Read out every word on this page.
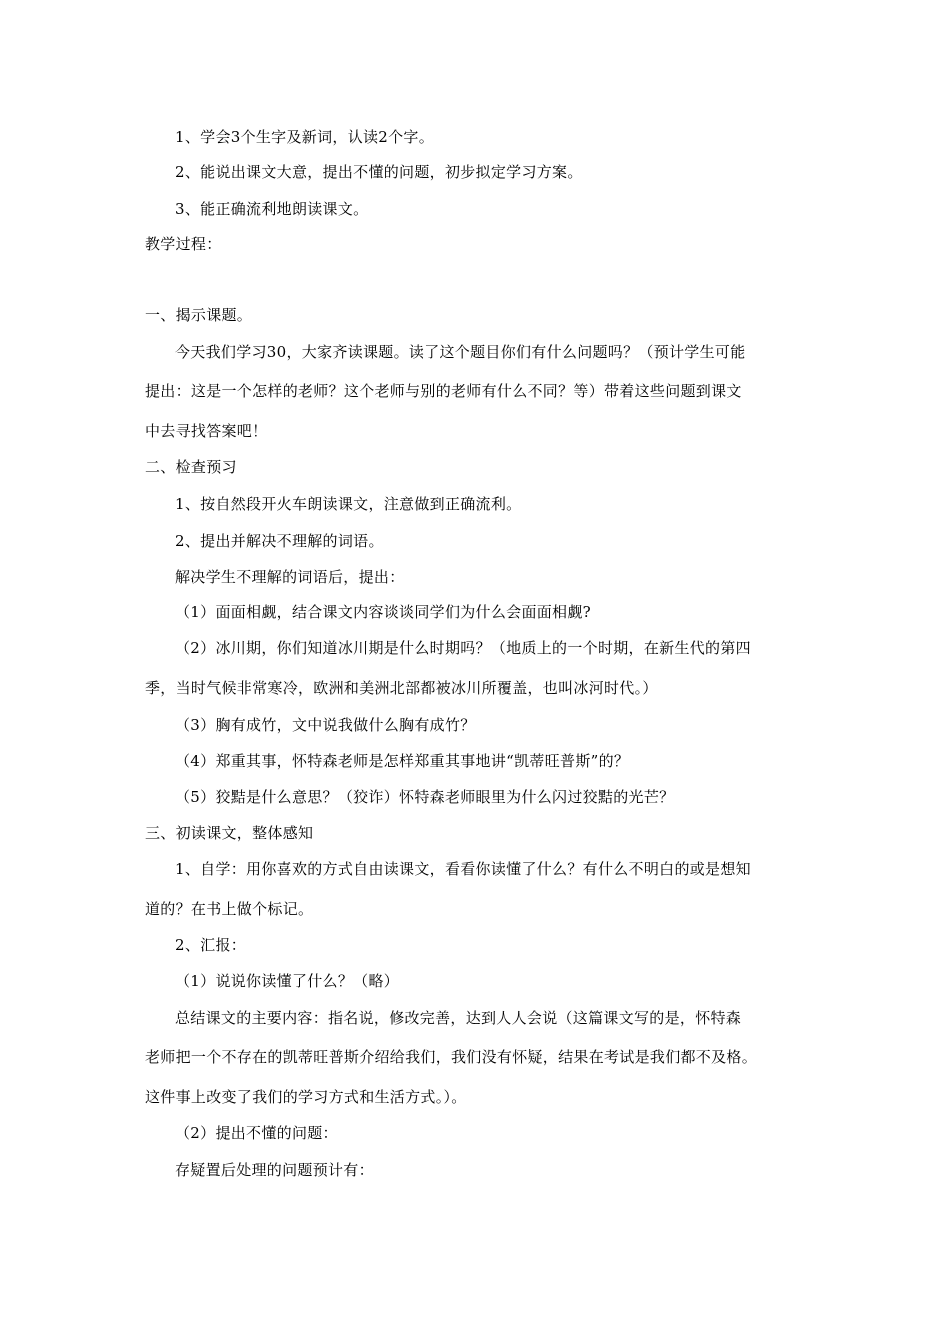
1、学会3个生字及新词，认读2个字。
2、能说出课文大意，提出不懂的问题，初步拟定学习方案。
3、能正确流利地朗读课文。
教学过程：
一、揭示课题。
今天我们学习30，大家齐读课题。读了这个题目你们有什么问题吗？（预计学生可能
提出：这是一个怎样的老师？这个老师与别的老师有什么不同？等）带着这些问题到课文
中去寻找答案吧！
二、检查预习
1、按自然段开火车朗读课文，注意做到正确流利。
2、提出并解决不理解的词语。
解决学生不理解的词语后，提出：
（1）面面相觑，结合课文内容谈谈同学们为什么会面面相觑?
（2）冰川期，你们知道冰川期是什么时期吗？（地质上的一个时期，在新生代的第四
季，当时气候非常寒冷，欧洲和美洲北部都被冰川所覆盖，也叫冰河时代。）
（3）胸有成竹，文中说我做什么胸有成竹？
（4）郑重其事，怀特森老师是怎样郑重其事地讲“凯蒂旺普斯”的？
（5）狡黠是什么意思？（狡诈）怀特森老师眼里为什么闪过狡黠的光芒？
三、初读课文，整体感知
1、自学：用你喜欢的方式自由读课文，看看你读懂了什么？有什么不明白的或是想知
道的？在书上做个标记。
2、汇报：
（1）说说你读懂了什么？（略）
总结课文的主要内容：指名说，修改完善，达到人人会说（这篇课文写的是，怀特森
老师把一个不存在的凯蒂旺普斯介绍给我们，我们没有怀疑，结果在考试是我们都不及格。
这件事上改变了我们的学习方式和生活方式。）。
（2）提出不懂的问题：
存疑置后处理的问题预计有：
